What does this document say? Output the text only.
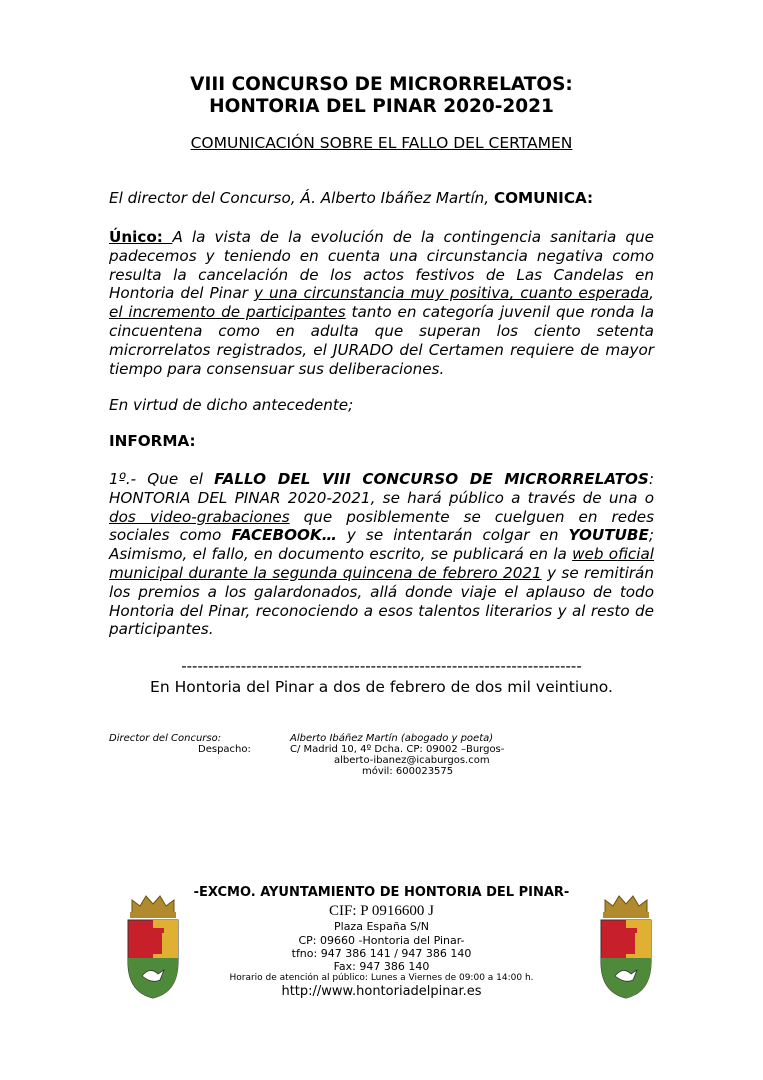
VIII CONCURSO DE MICRORRELATOS:
HONTORIA DEL PINAR 2020-2021
COMUNICACIÓN SOBRE EL FALLO DEL CERTAMEN
El director del Concurso, Á. Alberto Ibáñez Martín, COMUNICA:
Único: A la vista de la evolución de la contingencia sanitaria que padecemos y teniendo en cuenta una circunstancia negativa como resulta la cancelación de los actos festivos de Las Candelas en Hontoria del Pinar y una circunstancia muy positiva, cuanto esperada, el incremento de participantes tanto en categoría juvenil que ronda la cincuentena como en adulta que superan los ciento setenta microrrelatos registrados, el JURADO del Certamen requiere de mayor tiempo para consensuar sus deliberaciones.
En virtud de dicho antecedente;
INFORMA:
1º.- Que el FALLO DEL VIII CONCURSO DE MICRORRELATOS: HONTORIA DEL PINAR 2020-2021, se hará público a través de una o dos video-grabaciones que posiblemente se cuelguen en redes sociales como FACEBOOK… y se intentarán colgar en YOUTUBE; Asimismo, el fallo, en documento escrito, se publicará en la web oficial municipal durante la segunda quincena de febrero 2021 y se remitirán los premios a los galardonados, allá donde viaje el aplauso de todo Hontoria del Pinar, reconociendo a esos talentos literarios y al resto de participantes.
--------------------------------------------------------------------------
En Hontoria del Pinar a dos de febrero de dos mil veintiuno.
Director del Concurso:	Alberto Ibáñez Martín (abogado y poeta)
Despacho:	C/ Madrid 10, 4º Dcha. CP: 09002 –Burgos-
alberto-ibanez@icaburgos.com
móvil: 600023575
-EXCMO. AYUNTAMIENTO DE HONTORIA DEL PINAR-
CIF: P 0916600 J
Plaza España S/N
CP: 09660 -Hontoria del Pinar-
tfno: 947 386 141 / 947 386 140
Fax: 947 386 140
Horario de atención al público: Lunes a Viernes de 09:00 a 14:00 h.
http://www.hontoriadelpinar.es
